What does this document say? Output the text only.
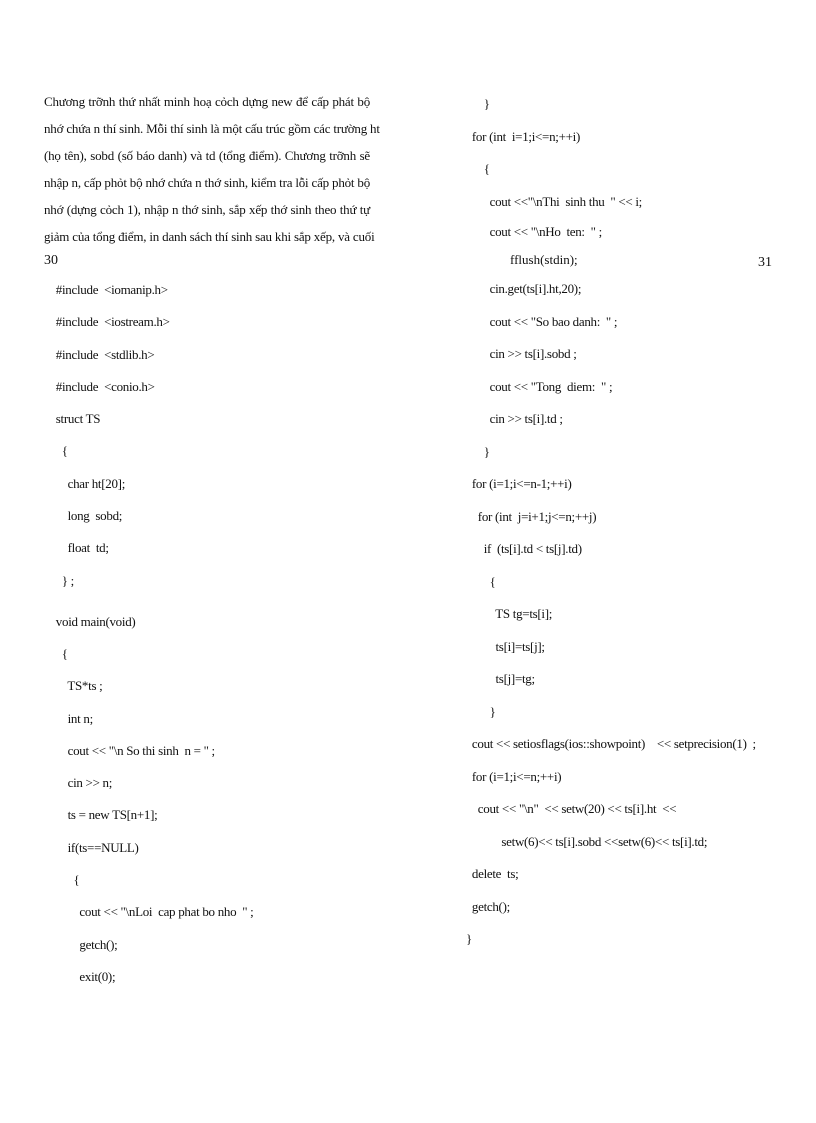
Chương trỡnh thứ nhất minh hoạ cỏch dựng new để cấp phát bộ
nhớ chứa n thí sinh. Mỗi thí sinh là một cấu trúc gồm các trường ht
(họ tên), sobd (số báo danh) và td (tổng điểm). Chương trỡnh sẽ
nhập n, cấp phỏt bộ nhớ chứa n thớ sinh, kiểm tra lỗi cấp phỏt bộ
nhớ (dựng cỏch 1), nhập n thớ sinh, sắp xếp thớ sinh theo thứ tự
giảm của tổng điểm, in danh sách thí sinh sau khi sắp xếp, và cuối
30	31
#include  <iomanip.h>
#include  <iostream.h>
#include  <stdlib.h>
#include  <conio.h>
struct TS
{
char ht[20];
long  sobd;
float  td;
} ;
void main(void)
{
TS*ts ;
int n;
cout << "\n So thi sinh  n = " ;
cin >> n;
ts = new TS[n+1];
if(ts==NULL)
{
cout << "\nLoi  cap phat bo nho  " ;
getch();
exit(0);
}
for (int  i=1;i<=n;++i)
{
cout <<"\nThi  sinh thu  " << i;
cout << "\nHo  ten:  " ;
fflush(stdin);
cin.get(ts[i].ht,20);
cout << "So bao danh:  " ;
cin >> ts[i].sobd ;
cout << "Tong  diem:  " ;
cin >> ts[i].td ;
}
for (i=1;i<=n-1;++i)
for (int  j=i+1;j<=n;++j)
if  (ts[i].td < ts[j].td)
{
TS tg=ts[i];
ts[i]=ts[j];
ts[j]=tg;
}
cout << setiosflags(ios::showpoint)    << setprecision(1)  ;
for (i=1;i<=n;++i)
cout << "\n"  << setw(20) << ts[i].ht  <<
setw(6)<< ts[i].sobd <<setw(6)<< ts[i].td;
delete  ts;
getch();
}
